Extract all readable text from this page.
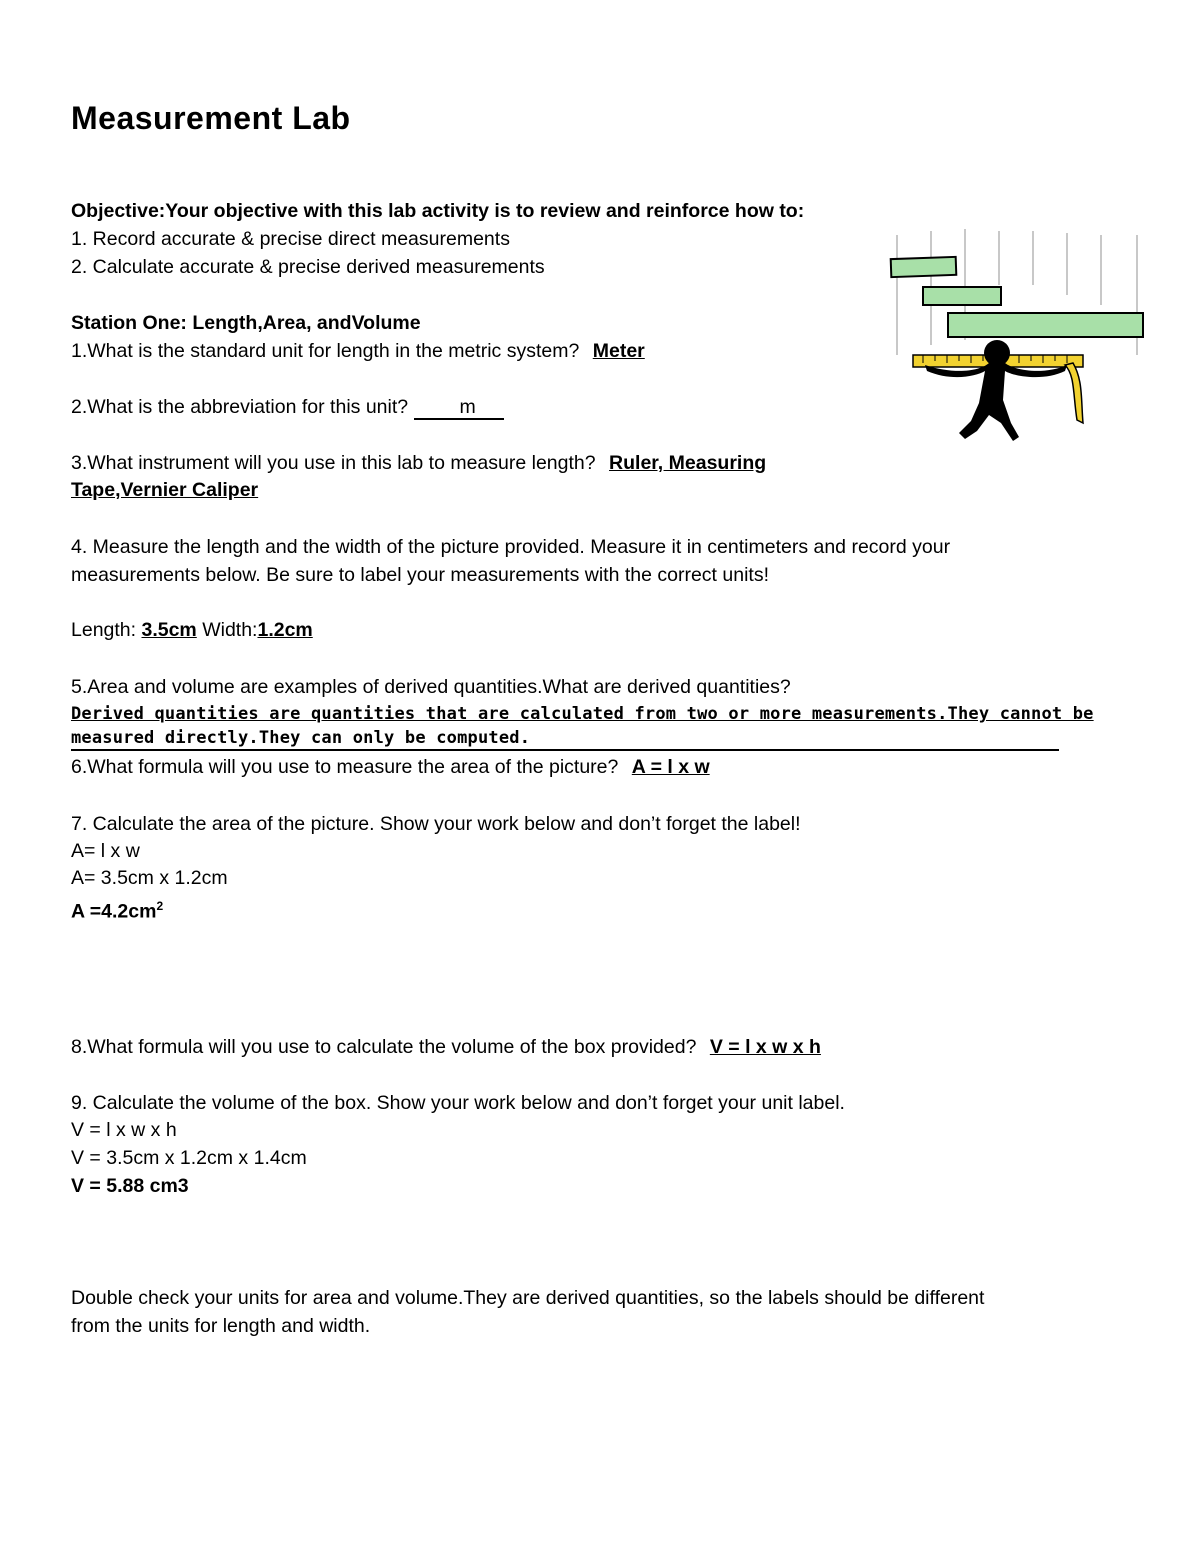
Measurement Lab
Objective:Your objective with this lab activity is to review and reinforce how to:
1. Record accurate & precise direct measurements
2. Calculate accurate & precise derived measurements
Station One: Length,Area, andVolume
1.What is the standard unit for length in the metric system? Meter
2.What is the abbreviation for this unit?	m
3.What instrument will you use in this lab to measure length? Ruler, Measuring
Tape,Vernier Caliper
4. Measure the length and the width of the picture provided. Measure it in centimeters and record your
measurements below. Be sure to label your measurements with the correct units!
Length: 3.5cm Width:1.2cm
5.Area and volume are examples of derived quantities.What are derived quantities?
Derived quantities are quantities that are calculated from two or more measurements.They cannot be
measured directly.They can only be computed.
6.What formula will you use to measure the area of the picture? A = l x w
7. Calculate the area of the picture. Show your work below and don’t forget the label!
A= l x w
A= 3.5cm x 1.2cm
$A =4.2cm^2$
8.What formula will you use to calculate the volume of the box provided? V = l x w x h
9. Calculate the volume of the box. Show your work below and don’t forget your unit label.
V = l x w x h
V = 3.5cm x 1.2cm x 1.4cm
V = 5.88 cm3
Double check your units for area and volume.They are derived quantities, so the labels should be different
from the units for length and width.
